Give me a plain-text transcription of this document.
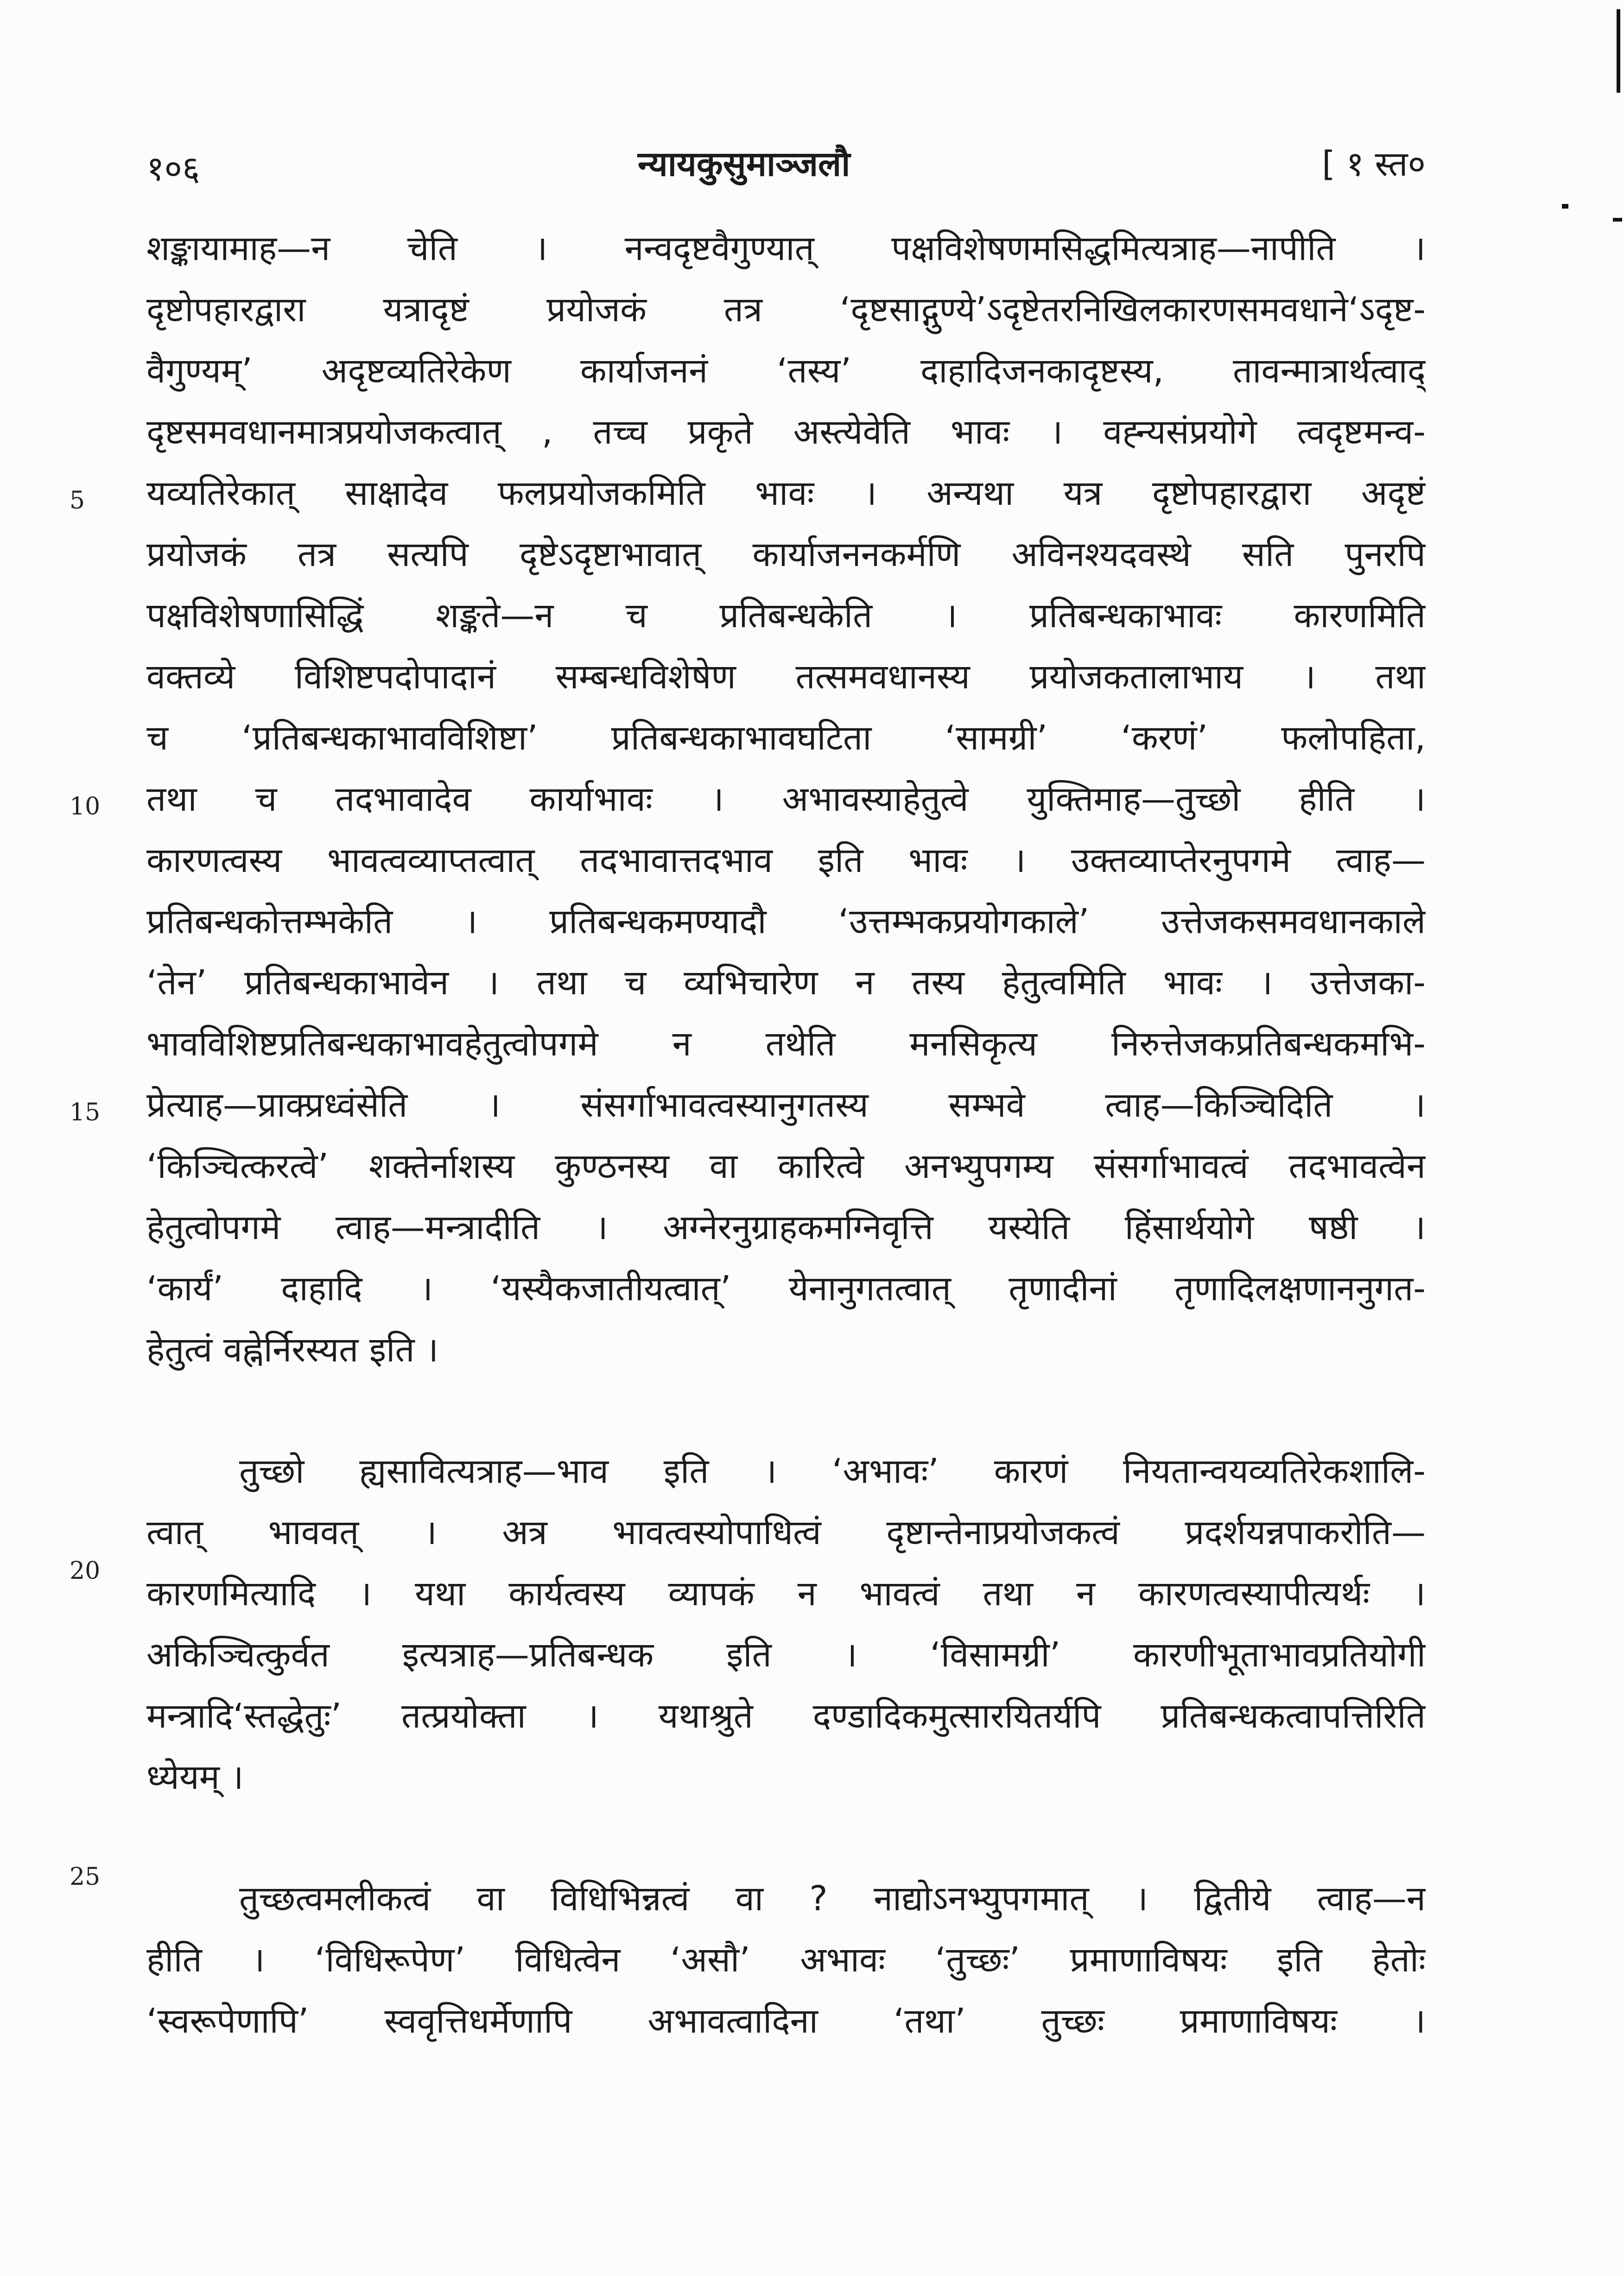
१०६	न्यायकुसुमाञ्जलौ	[ १ स्त०
5
10
15
20
25
शङ्कायामाह—न चेति । नन्वदृष्टवैगुण्यात् पक्षविशेषणमसिद्धमित्यत्राह—नापीति ।
दृष्टोपहारद्वारा यत्रादृष्टं प्रयोजकं तत्र ‘दृष्टसाद्गुण्ये’ऽदृष्टेतरनिखिलकारणसमवधाने‘ऽदृष्ट-
वैगुण्यम्’ अदृष्टव्यतिरेकेण कार्याजननं ‘तस्य’ दाहादिजनकादृष्टस्य, तावन्मात्रार्थत्वाद्
दृष्टसमवधानमात्रप्रयोजकत्वात् , तच्च प्रकृते अस्त्येवेति भावः । वह्न्यसंप्रयोगे त्वदृष्टमन्व-
यव्यतिरेकात् साक्षादेव फलप्रयोजकमिति भावः । अन्यथा यत्र दृष्टोपहारद्वारा अदृष्टं
प्रयोजकं तत्र सत्यपि दृष्टेऽदृष्टाभावात् कार्याजननकर्मणि अविनश्यदवस्थे सति पुनरपि
पक्षविशेषणासिद्धिं शङ्कते—न च प्रतिबन्धकेति । प्रतिबन्धकाभावः कारणमिति
वक्तव्ये विशिष्टपदोपादानं सम्बन्धविशेषेण तत्समवधानस्य प्रयोजकतालाभाय । तथा
च ‘प्रतिबन्धकाभावविशिष्टा’ प्रतिबन्धकाभावघटिता ‘सामग्री’ ‘करणं’ फलोपहिता,
तथा च तदभावादेव कार्याभावः । अभावस्याहेतुत्वे युक्तिमाह—तुच्छो हीति ।
कारणत्वस्य भावत्वव्याप्तत्वात् तदभावात्तदभाव इति भावः । उक्तव्याप्तेरनुपगमे त्वाह—
प्रतिबन्धकोत्तम्भकेति । प्रतिबन्धकमण्यादौ ‘उत्तम्भकप्रयोगकाले’ उत्तेजकसमवधानकाले
‘तेन’ प्रतिबन्धकाभावेन । तथा च व्यभिचारेण न तस्य हेतुत्वमिति भावः । उत्तेजका-
भावविशिष्टप्रतिबन्धकाभावहेतुत्वोपगमे न तथेति मनसिकृत्य निरुत्तेजकप्रतिबन्धकमभि-
प्रेत्याह—प्राक्प्रध्वंसेति । संसर्गाभावत्वस्यानुगतस्य सम्भवे त्वाह—किञ्चिदिति ।
‘किञ्चित्करत्वे’ शक्तेर्नाशस्य कुण्ठनस्य वा कारित्वे अनभ्युपगम्य संसर्गाभावत्वं तदभावत्वेन
हेतुत्वोपगमे त्वाह—मन्त्रादीति । अग्नेरनुग्राहकमग्निवृत्ति यस्येति हिंसार्थयोगे षष्ठी ।
‘कार्यं’ दाहादि । ‘यस्यैकजातीयत्वात्’ येनानुगतत्वात् तृणादीनां तृणादिलक्षणाननुगत-
हेतुत्वं वह्नेर्निरस्यत इति ।
तुच्छो ह्यसावित्यत्राह—भाव इति । ‘अभावः’ कारणं नियतान्वयव्यतिरेकशालि-
त्वात् भाववत् । अत्र भावत्वस्योपाधित्वं दृष्टान्तेनाप्रयोजकत्वं प्रदर्शयन्नपाकरोति—
कारणमित्यादि । यथा कार्यत्वस्य व्यापकं न भावत्वं तथा न कारणत्वस्यापीत्यर्थः ।
अकिञ्चित्कुर्वत इत्यत्राह—प्रतिबन्धक इति । ‘विसामग्री’ कारणीभूताभावप्रतियोगी
मन्त्रादि‘स्तद्धेतुः’ तत्प्रयोक्ता । यथाश्रुते दण्डादिकमुत्सारयितर्यपि प्रतिबन्धकत्वापत्तिरिति
ध्येयम् ।
तुच्छत्वमलीकत्वं वा विधिभिन्नत्वं वा ? नाद्योऽनभ्युपगमात् । द्वितीये त्वाह—न
हीति । ‘विधिरूपेण’ विधित्वेन ‘असौ’ अभावः ‘तुच्छः’ प्रमाणाविषयः इति हेतोः
‘स्वरूपेणापि’ स्ववृत्तिधर्मेणापि अभावत्वादिना ‘तथा’ तुच्छः प्रमाणाविषयः ।
